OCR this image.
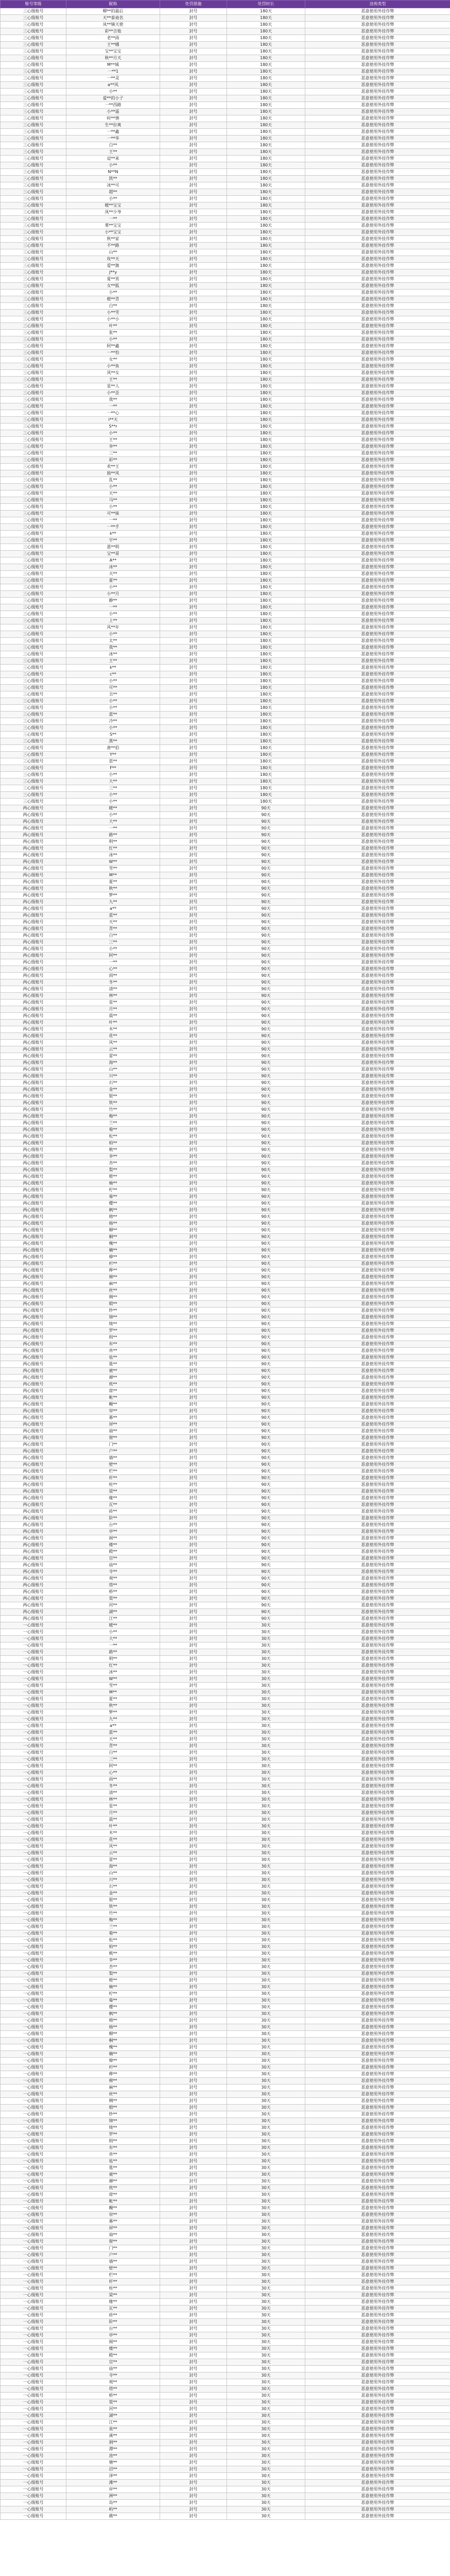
账号等级	昵称	处罚措施	处罚时长	违规类型
三心级账号	柳**的最后	封号	180天	恶意使用外挂作弊
三心级账号	天**泰迪名	封号	180天	恶意使用外挂作弊
三心级账号	凤**镇天使	封号	180天	恶意使用外挂作弊
三心级账号	彩**吉他	封号	180天	恶意使用外挂作弊
三心级账号	老**雨	封号	180天	恶意使用外挂作弊
三心级账号	王**娜	封号	180天	恶意使用外挂作弊
三心级账号	宝**宝宝	封号	180天	恶意使用外挂作弊
三心级账号	秋**月天	封号	180天	恶意使用外挂作弊
三心级账号	M**城	封号	180天	恶意使用外挂作弊
三心级账号	一**1	封号	180天	恶意使用外挂作弊
三心级账号	一**灵	封号	180天	恶意使用外挂作弊
三心级账号	a**风	封号	180天	恶意使用外挂作弊
三心级账号	小**	封号	180天	恶意使用外挂作弊
三心级账号	爱**的小子	封号	180天	恶意使用外挂作弊
三心级账号	一**西路	封号	180天	恶意使用外挂作弊
三心级账号	小**遥	封号	180天	恶意使用外挂作弊
三心级账号	时**情	封号	180天	恶意使用外挂作弊
三心级账号	生**拉爽	封号	180天	恶意使用外挂作弊
三心级账号	一**鑫	封号	180天	恶意使用外挂作弊
三心级账号	一**华	封号	180天	恶意使用外挂作弊
三心级账号	白**	封号	180天	恶意使用外挂作弊
三心级账号	王**	封号	180天	恶意使用外挂作弊
三心级账号	逗**来	封号	180天	恶意使用外挂作弊
三心级账号	小**	封号	180天	恶意使用外挂作弊
三心级账号	N**N	封号	180天	恶意使用外挂作弊
三心级账号	凯**	封号	180天	恶意使用外挂作弊
三心级账号	冰**可	封号	180天	恶意使用外挂作弊
三心级账号	超**	封号	180天	恶意使用外挂作弊
三心级账号	小**	封号	180天	恶意使用外挂作弊
三心级账号	暖**宝宝	封号	180天	恶意使用外挂作弊
三心级账号	凤**少爷	封号	180天	恶意使用外挂作弊
三心级账号	一**	封号	180天	恶意使用外挂作弊
三心级账号	雾**宝宝	封号	180天	恶意使用外挂作弊
三心级账号	小**宝宝	封号	180天	恶意使用外挂作弊
三心级账号	秋**家	封号	180天	恶意使用外挂作弊
三心级账号	不**路	封号	180天	恶意使用外挂作弊
三心级账号	山**	封号	180天	恶意使用外挂作弊
三心级账号	玫**天	封号	180天	恶意使用外挂作弊
三心级账号	爱**旗	封号	180天	恶意使用外挂作弊
三心级账号	J**y	封号	180天	恶意使用外挂作弊
三心级账号	夏**男	封号	180天	恶意使用外挂作弊
三心级账号	女**狐	封号	180天	恶意使用外挂作弊
三心级账号	小**	封号	180天	恶意使用外挂作弊
三心级账号	橙**青	封号	180天	恶意使用外挂作弊
三心级账号	白**	封号	180天	恶意使用外挂作弊
三心级账号	小**雪	封号	180天	恶意使用外挂作弊
三心级账号	小**小	封号	180天	恶意使用外挂作弊
三心级账号	叶**	封号	180天	恶意使用外挂作弊
三心级账号	张**	封号	180天	恶意使用外挂作弊
三心级账号	小**	封号	180天	恶意使用外挂作弊
三心级账号	阿**鑫	封号	180天	恶意使用外挂作弊
三心级账号	一**怕	封号	180天	恶意使用外挂作弊
三心级账号	女**	封号	180天	恶意使用外挂作弊
三心级账号	小**鱼	封号	180天	恶意使用外挂作弊
三心级账号	风**女	封号	180天	恶意使用外挂作弊
三心级账号	王**	封号	180天	恶意使用外挂作弊
三心级账号	星**人	封号	180天	恶意使用外挂作弊
三心级账号	小**歪	封号	180天	恶意使用外挂作弊
三心级账号	我**	封号	180天	恶意使用外挂作弊
三心级账号	一**	封号	180天	恶意使用外挂作弊
三心级账号	一**心	封号	180天	恶意使用外挂作弊
三心级账号	i**天	封号	180天	恶意使用外挂作弊
三心级账号	S**r	封号	180天	恶意使用外挂作弊
三心级账号	小**	封号	180天	恶意使用外挂作弊
三心级账号	王**	封号	180天	恶意使用外挂作弊
三心级账号	李**	封号	180天	恶意使用外挂作弊
三心级账号	三**	封号	180天	恶意使用外挂作弊
三心级账号	彩**	封号	180天	恶意使用外挂作弊
三心级账号	欢**王	封号	180天	恶意使用外挂作弊
三心级账号	独**风	封号	180天	恶意使用外挂作弊
三心级账号	乱**	封号	180天	恶意使用外挂作弊
三心级账号	小**	封号	180天	恶意使用外挂作弊
三心级账号	天**	封号	180天	恶意使用外挂作弊
三心级账号	马**	封号	180天	恶意使用外挂作弊
三心级账号	小**	封号	180天	恶意使用外挂作弊
三心级账号	可**妹	封号	180天	恶意使用外挂作弊
三心级账号	一**	封号	180天	恶意使用外挂作弊
三心级账号	一**手	封号	180天	恶意使用外挂作弊
三心级账号	k**	封号	180天	恶意使用外挂作弊
三心级账号	宇**	封号	180天	恶意使用外挂作弊
三心级账号	恩**明	封号	180天	恶意使用外挂作弊
三心级账号	宝**哥	封号	180天	恶意使用外挂作弊
三心级账号	A**	封号	180天	恶意使用外挂作弊
三心级账号	冰**	封号	180天	恶意使用外挂作弊
三心级账号	天**	封号	180天	恶意使用外挂作弊
三心级账号	夏**	封号	180天	恶意使用外挂作弊
三心级账号	小**	封号	180天	恶意使用外挂作弊
三心级账号	小**月	封号	180天	恶意使用外挂作弊
三心级账号	静**	封号	180天	恶意使用外挂作弊
三心级账号	一**	封号	180天	恶意使用外挂作弊
三心级账号	小**	封号	180天	恶意使用外挂作弊
三心级账号	上**	封号	180天	恶意使用外挂作弊
三心级账号	风**年	封号	180天	恶意使用外挂作弊
三心级账号	小**	封号	180天	恶意使用外挂作弊
三心级账号	太**	封号	180天	恶意使用外挂作弊
三心级账号	我**	封号	180天	恶意使用外挂作弊
三心级账号	冰**	封号	180天	恶意使用外挂作弊
三心级账号	王**	封号	180天	恶意使用外挂作弊
三心级账号	k**	封号	180天	恶意使用外挂作弊
三心级账号	c**	封号	180天	恶意使用外挂作弊
三心级账号	小**	封号	180天	恶意使用外挂作弊
三心级账号	可**	封号	180天	恶意使用外挂作弊
三心级账号	丑**	封号	180天	恶意使用外挂作弊
三心级账号	小**	封号	180天	恶意使用外挂作弊
三心级账号	小**	封号	180天	恶意使用外挂作弊
三心级账号	蓝**	封号	180天	恶意使用外挂作弊
三心级账号	冷**	封号	180天	恶意使用外挂作弊
三心级账号	小**	封号	180天	恶意使用外挂作弊
三心级账号	S**	封号	180天	恶意使用外挂作弊
三心级账号	黑**	封号	180天	恶意使用外挂作弊
三心级账号	唐**伯	封号	180天	恶意使用外挂作弊
三心级账号	Y**	封号	180天	恶意使用外挂作弊
三心级账号	思**	封号	180天	恶意使用外挂作弊
三心级账号	F**	封号	180天	恶意使用外挂作弊
三心级账号	小**	封号	180天	恶意使用外挂作弊
三心级账号	大**	封号	180天	恶意使用外挂作弊
三心级账号	三**	封号	180天	恶意使用外挂作弊
三心级账号	小**	封号	180天	恶意使用外挂作弊
三心级账号	小**	封号	180天	恶意使用外挂作弊
两心级账号	暖**	封号	90天	恶意使用外挂作弊
两心级账号	小**	封号	90天	恶意使用外挂作弊
两心级账号	大**	封号	90天	恶意使用外挂作弊
两心级账号	一**	封号	90天	恶意使用外挂作弊
两心级账号	路**	封号	90天	恶意使用外挂作弊
两心级账号	明**	封号	90天	恶意使用外挂作弊
两心级账号	红**	封号	90天	恶意使用外挂作弊
两心级账号	冰**	封号	90天	恶意使用外挂作弊
两心级账号	W**	封号	90天	恶意使用外挂作弊
两心级账号	雪**	封号	90天	恶意使用外挂作弊
两心级账号	M**	封号	90天	恶意使用外挂作弊
两心级账号	夏**	封号	90天	恶意使用外挂作弊
两心级账号	秋**	封号	90天	恶意使用外挂作弊
两心级账号	梦**	封号	90天	恶意使用外挂作弊
两心级账号	九**	封号	90天	恶意使用外挂作弊
两心级账号	a**	封号	90天	恶意使用外挂作弊
两心级账号	蓝**	封号	90天	恶意使用外挂作弊
两心级账号	天**	封号	90天	恶意使用外挂作弊
两心级账号	青**	封号	90天	恶意使用外挂作弊
两心级账号	白**	封号	90天	恶意使用外挂作弊
两心级账号	三**	封号	90天	恶意使用外挂作弊
两心级账号	小**	封号	90天	恶意使用外挂作弊
两心级账号	阿**	封号	90天	恶意使用外挂作弊
两心级账号	一**	封号	90天	恶意使用外挂作弊
两心级账号	心**	封号	90天	恶意使用外挂作弊
两心级账号	雨**	封号	90天	恶意使用外挂作弊
两心级账号	冬**	封号	90天	恶意使用外挂作弊
两心级账号	清**	封号	90天	恶意使用外挂作弊
两心级账号	林**	封号	90天	恶意使用外挂作弊
两心级账号	星**	封号	90天	恶意使用外挂作弊
两心级账号	月**	封号	90天	恶意使用外挂作弊
两心级账号	晨**	封号	90天	恶意使用外挂作弊
两心级账号	叶**	封号	90天	恶意使用外挂作弊
两心级账号	木**	封号	90天	恶意使用外挂作弊
两心级账号	花**	封号	90天	恶意使用外挂作弊
两心级账号	风**	封号	90天	恶意使用外挂作弊
两心级账号	云**	封号	90天	恶意使用外挂作弊
两心级账号	雷**	封号	90天	恶意使用外挂作弊
两心级账号	海**	封号	90天	恶意使用外挂作弊
两心级账号	山**	封号	90天	恶意使用外挂作弊
两心级账号	川**	封号	90天	恶意使用外挂作弊
两心级账号	石**	封号	90天	恶意使用外挂作弊
两心级账号	金**	封号	90天	恶意使用外挂作弊
两心级账号	银**	封号	90天	恶意使用外挂作弊
两心级账号	铁**	封号	90天	恶意使用外挂作弊
两心级账号	竹**	封号	90天	恶意使用外挂作弊
两心级账号	梅**	封号	90天	恶意使用外挂作弊
两心级账号	兰**	封号	90天	恶意使用外挂作弊
两心级账号	菊**	封号	90天	恶意使用外挂作弊
两心级账号	松**	封号	90天	恶意使用外挂作弊
两心级账号	柏**	封号	90天	恶意使用外挂作弊
两心级账号	桃**	封号	90天	恶意使用外挂作弊
两心级账号	李**	封号	90天	恶意使用外挂作弊
两心级账号	杏**	封号	90天	恶意使用外挂作弊
两心级账号	梨**	封号	90天	恶意使用外挂作弊
两心级账号	橙**	封号	90天	恶意使用外挂作弊
两心级账号	柚**	封号	90天	恶意使用外挂作弊
两心级账号	柠**	封号	90天	恶意使用外挂作弊
两心级账号	莓**	封号	90天	恶意使用外挂作弊
两心级账号	樱**	封号	90天	恶意使用外挂作弊
两心级账号	枫**	封号	90天	恶意使用外挂作弊
两心级账号	榕**	封号	90天	恶意使用外挂作弊
两心级账号	杨**	封号	90天	恶意使用外挂作弊
两心级账号	柳**	封号	90天	恶意使用外挂作弊
两心级账号	桐**	封号	90天	恶意使用外挂作弊
两心级账号	槐**	封号	90天	恶意使用外挂作弊
两心级账号	楠**	封号	90天	恶意使用外挂作弊
两心级账号	樟**	封号	90天	恶意使用外挂作弊
两心级账号	杉**	封号	90天	恶意使用外挂作弊
两心级账号	桦**	封号	90天	恶意使用外挂作弊
两心级账号	棉**	封号	90天	恶意使用外挂作弊
两心级账号	麻**	封号	90天	恶意使用外挂作弊
两心级账号	丝**	封号	90天	恶意使用外挂作弊
两心级账号	绸**	封号	90天	恶意使用外挂作弊
两心级账号	缎**	封号	90天	恶意使用外挂作弊
两心级账号	纱**	封号	90天	恶意使用外挂作弊
两心级账号	锦**	封号	90天	恶意使用外挂作弊
两心级账号	绫**	封号	90天	恶意使用外挂作弊
两心级账号	罗**	封号	90天	恶意使用外挂作弊
两心级账号	绢**	封号	90天	恶意使用外挂作弊
两心级账号	布**	封号	90天	恶意使用外挂作弊
两心级账号	帛**	封号	90天	恶意使用外挂作弊
两心级账号	毡**	封号	90天	恶意使用外挂作弊
两心级账号	毯**	封号	90天	恶意使用外挂作弊
两心级账号	被**	封号	90天	恶意使用外挂作弊
两心级账号	褥**	封号	90天	恶意使用外挂作弊
两心级账号	枕**	封号	90天	恶意使用外挂作弊
两心级账号	席**	封号	90天	恶意使用外挂作弊
两心级账号	帐**	封号	90天	恶意使用外挂作弊
两心级账号	幔**	封号	90天	恶意使用外挂作弊
两心级账号	帘**	封号	90天	恶意使用外挂作弊
两心级账号	幕**	封号	90天	恶意使用外挂作弊
两心级账号	屏**	封号	90天	恶意使用外挂作弊
两心级账号	扇**	封号	90天	恶意使用外挂作弊
两心级账号	窗**	封号	90天	恶意使用外挂作弊
两心级账号	门**	封号	90天	恶意使用外挂作弊
两心级账号	户**	封号	90天	恶意使用外挂作弊
两心级账号	墙**	封号	90天	恶意使用外挂作弊
两心级账号	壁**	封号	90天	恶意使用外挂作弊
两心级账号	栏**	封号	90天	恶意使用外挂作弊
两心级账号	杆**	封号	90天	恶意使用外挂作弊
两心级账号	柱**	封号	90天	恶意使用外挂作弊
两心级账号	梁**	封号	90天	恶意使用外挂作弊
两心级账号	椽**	封号	90天	恶意使用外挂作弊
两心级账号	瓦**	封号	90天	恶意使用外挂作弊
两心级账号	砖**	封号	90天	恶意使用外挂作弊
两心级账号	阶**	封号	90天	恶意使用外挂作弊
两心级账号	台**	封号	90天	恶意使用外挂作弊
两心级账号	亭**	封号	90天	恶意使用外挂作弊
两心级账号	阁**	封号	90天	恶意使用外挂作弊
两心级账号	楼**	封号	90天	恶意使用外挂作弊
两心级账号	殿**	封号	90天	恶意使用外挂作弊
两心级账号	宫**	封号	90天	恶意使用外挂作弊
两心级账号	庙**	封号	90天	恶意使用外挂作弊
两心级账号	寺**	封号	90天	恶意使用外挂作弊
两心级账号	观**	封号	90天	恶意使用外挂作弊
两心级账号	塔**	封号	90天	恶意使用外挂作弊
两心级账号	桥**	封号	90天	恶意使用外挂作弊
两心级账号	渠**	封号	90天	恶意使用外挂作弊
两心级账号	河**	封号	90天	恶意使用外挂作弊
两心级账号	湖**	封号	90天	恶意使用外挂作弊
两心级账号	江**	封号	90天	恶意使用外挂作弊
一心级账号	暖**	封号	30天	恶意使用外挂作弊
一心级账号	小**	封号	30天	恶意使用外挂作弊
一心级账号	大**	封号	30天	恶意使用外挂作弊
一心级账号	一**	封号	30天	恶意使用外挂作弊
一心级账号	路**	封号	30天	恶意使用外挂作弊
一心级账号	明**	封号	30天	恶意使用外挂作弊
一心级账号	红**	封号	30天	恶意使用外挂作弊
一心级账号	冰**	封号	30天	恶意使用外挂作弊
一心级账号	W**	封号	30天	恶意使用外挂作弊
一心级账号	雪**	封号	30天	恶意使用外挂作弊
一心级账号	M**	封号	30天	恶意使用外挂作弊
一心级账号	夏**	封号	30天	恶意使用外挂作弊
一心级账号	秋**	封号	30天	恶意使用外挂作弊
一心级账号	梦**	封号	30天	恶意使用外挂作弊
一心级账号	九**	封号	30天	恶意使用外挂作弊
一心级账号	a**	封号	30天	恶意使用外挂作弊
一心级账号	蓝**	封号	30天	恶意使用外挂作弊
一心级账号	天**	封号	30天	恶意使用外挂作弊
一心级账号	青**	封号	30天	恶意使用外挂作弊
一心级账号	白**	封号	30天	恶意使用外挂作弊
一心级账号	三**	封号	30天	恶意使用外挂作弊
一心级账号	阿**	封号	30天	恶意使用外挂作弊
一心级账号	心**	封号	30天	恶意使用外挂作弊
一心级账号	雨**	封号	30天	恶意使用外挂作弊
一心级账号	冬**	封号	30天	恶意使用外挂作弊
一心级账号	清**	封号	30天	恶意使用外挂作弊
一心级账号	林**	封号	30天	恶意使用外挂作弊
一心级账号	星**	封号	30天	恶意使用外挂作弊
一心级账号	月**	封号	30天	恶意使用外挂作弊
一心级账号	晨**	封号	30天	恶意使用外挂作弊
一心级账号	叶**	封号	30天	恶意使用外挂作弊
一心级账号	木**	封号	30天	恶意使用外挂作弊
一心级账号	花**	封号	30天	恶意使用外挂作弊
一心级账号	风**	封号	30天	恶意使用外挂作弊
一心级账号	云**	封号	30天	恶意使用外挂作弊
一心级账号	雷**	封号	30天	恶意使用外挂作弊
一心级账号	海**	封号	30天	恶意使用外挂作弊
一心级账号	山**	封号	30天	恶意使用外挂作弊
一心级账号	川**	封号	30天	恶意使用外挂作弊
一心级账号	石**	封号	30天	恶意使用外挂作弊
一心级账号	金**	封号	30天	恶意使用外挂作弊
一心级账号	银**	封号	30天	恶意使用外挂作弊
一心级账号	铁**	封号	30天	恶意使用外挂作弊
一心级账号	竹**	封号	30天	恶意使用外挂作弊
一心级账号	梅**	封号	30天	恶意使用外挂作弊
一心级账号	兰**	封号	30天	恶意使用外挂作弊
一心级账号	菊**	封号	30天	恶意使用外挂作弊
一心级账号	松**	封号	30天	恶意使用外挂作弊
一心级账号	柏**	封号	30天	恶意使用外挂作弊
一心级账号	桃**	封号	30天	恶意使用外挂作弊
一心级账号	李**	封号	30天	恶意使用外挂作弊
一心级账号	杏**	封号	30天	恶意使用外挂作弊
一心级账号	梨**	封号	30天	恶意使用外挂作弊
一心级账号	橙**	封号	30天	恶意使用外挂作弊
一心级账号	柚**	封号	30天	恶意使用外挂作弊
一心级账号	柠**	封号	30天	恶意使用外挂作弊
一心级账号	莓**	封号	30天	恶意使用外挂作弊
一心级账号	樱**	封号	30天	恶意使用外挂作弊
一心级账号	枫**	封号	30天	恶意使用外挂作弊
一心级账号	榕**	封号	30天	恶意使用外挂作弊
一心级账号	杨**	封号	30天	恶意使用外挂作弊
一心级账号	柳**	封号	30天	恶意使用外挂作弊
一心级账号	桐**	封号	30天	恶意使用外挂作弊
一心级账号	槐**	封号	30天	恶意使用外挂作弊
一心级账号	楠**	封号	30天	恶意使用外挂作弊
一心级账号	樟**	封号	30天	恶意使用外挂作弊
一心级账号	杉**	封号	30天	恶意使用外挂作弊
一心级账号	桦**	封号	30天	恶意使用外挂作弊
一心级账号	棉**	封号	30天	恶意使用外挂作弊
一心级账号	麻**	封号	30天	恶意使用外挂作弊
一心级账号	丝**	封号	30天	恶意使用外挂作弊
一心级账号	绸**	封号	30天	恶意使用外挂作弊
一心级账号	缎**	封号	30天	恶意使用外挂作弊
一心级账号	纱**	封号	30天	恶意使用外挂作弊
一心级账号	锦**	封号	30天	恶意使用外挂作弊
一心级账号	绫**	封号	30天	恶意使用外挂作弊
一心级账号	罗**	封号	30天	恶意使用外挂作弊
一心级账号	绢**	封号	30天	恶意使用外挂作弊
一心级账号	布**	封号	30天	恶意使用外挂作弊
一心级账号	帛**	封号	30天	恶意使用外挂作弊
一心级账号	毡**	封号	30天	恶意使用外挂作弊
一心级账号	毯**	封号	30天	恶意使用外挂作弊
一心级账号	被**	封号	30天	恶意使用外挂作弊
一心级账号	褥**	封号	30天	恶意使用外挂作弊
一心级账号	枕**	封号	30天	恶意使用外挂作弊
一心级账号	席**	封号	30天	恶意使用外挂作弊
一心级账号	帐**	封号	30天	恶意使用外挂作弊
一心级账号	幔**	封号	30天	恶意使用外挂作弊
一心级账号	帘**	封号	30天	恶意使用外挂作弊
一心级账号	幕**	封号	30天	恶意使用外挂作弊
一心级账号	屏**	封号	30天	恶意使用外挂作弊
一心级账号	扇**	封号	30天	恶意使用外挂作弊
一心级账号	窗**	封号	30天	恶意使用外挂作弊
一心级账号	门**	封号	30天	恶意使用外挂作弊
一心级账号	户**	封号	30天	恶意使用外挂作弊
一心级账号	墙**	封号	30天	恶意使用外挂作弊
一心级账号	壁**	封号	30天	恶意使用外挂作弊
一心级账号	栏**	封号	30天	恶意使用外挂作弊
一心级账号	杆**	封号	30天	恶意使用外挂作弊
一心级账号	柱**	封号	30天	恶意使用外挂作弊
一心级账号	梁**	封号	30天	恶意使用外挂作弊
一心级账号	椽**	封号	30天	恶意使用外挂作弊
一心级账号	瓦**	封号	30天	恶意使用外挂作弊
一心级账号	砖**	封号	30天	恶意使用外挂作弊
一心级账号	阶**	封号	30天	恶意使用外挂作弊
一心级账号	台**	封号	30天	恶意使用外挂作弊
一心级账号	亭**	封号	30天	恶意使用外挂作弊
一心级账号	阁**	封号	30天	恶意使用外挂作弊
一心级账号	楼**	封号	30天	恶意使用外挂作弊
一心级账号	殿**	封号	30天	恶意使用外挂作弊
一心级账号	宫**	封号	30天	恶意使用外挂作弊
一心级账号	庙**	封号	30天	恶意使用外挂作弊
一心级账号	寺**	封号	30天	恶意使用外挂作弊
一心级账号	观**	封号	30天	恶意使用外挂作弊
一心级账号	塔**	封号	30天	恶意使用外挂作弊
一心级账号	桥**	封号	30天	恶意使用外挂作弊
一心级账号	渠**	封号	30天	恶意使用外挂作弊
一心级账号	河**	封号	30天	恶意使用外挂作弊
一心级账号	湖**	封号	30天	恶意使用外挂作弊
一心级账号	江**	封号	30天	恶意使用外挂作弊
一心级账号	泉**	封号	30天	恶意使用外挂作弊
一心级账号	溪**	封号	30天	恶意使用外挂作弊
一心级账号	涧**	封号	30天	恶意使用外挂作弊
一心级账号	潭**	封号	30天	恶意使用外挂作弊
一心级账号	池**	封号	30天	恶意使用外挂作弊
一心级账号	塘**	封号	30天	恶意使用外挂作弊
一心级账号	沼**	封号	30天	恶意使用外挂作弊
一心级账号	泽**	封号	30天	恶意使用外挂作弊
一心级账号	滩**	封号	30天	恶意使用外挂作弊
一心级账号	岸**	封号	30天	恶意使用外挂作弊
一心级账号	洲**	封号	30天	恶意使用外挂作弊
一心级账号	岛**	封号	30天	恶意使用外挂作弊
一心级账号	屿**	封号	30天	恶意使用外挂作弊
一心级账号	礁**	封号	30天	恶意使用外挂作弊
